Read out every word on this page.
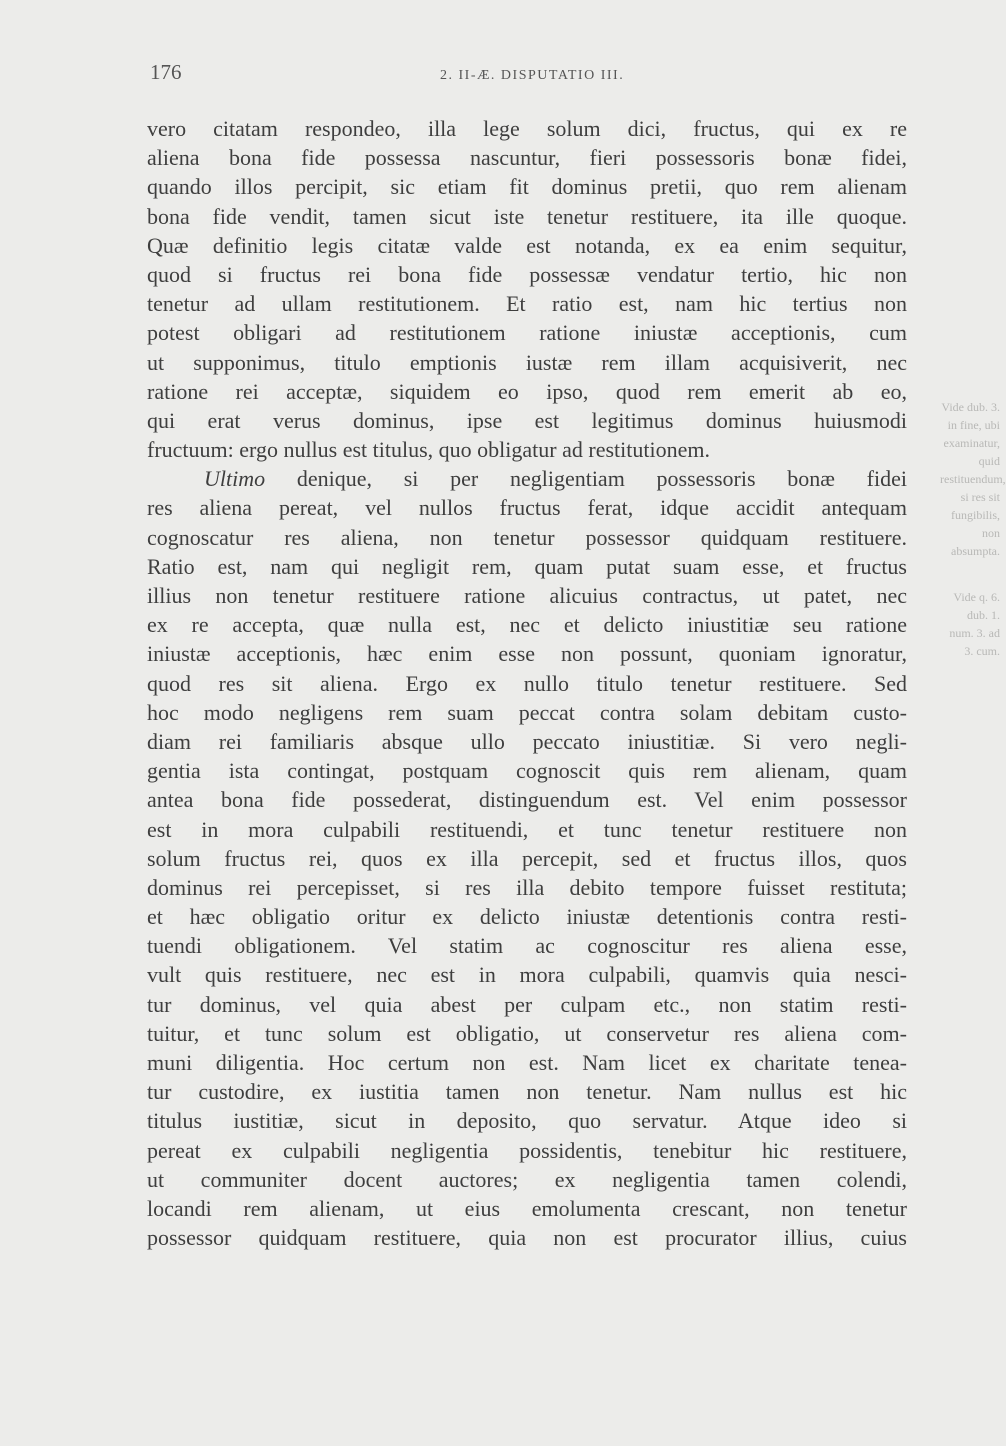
176	2. II-Æ. DISPUTATIO III.
Vide dub. 3. in fine, ubi examinatur, quid restituendum, si res sit fungibilis, non absumpta.
Vide q. 6. dub. 1. num. 3. ad 3. cum.
vero citatam respondeo, illa lege solum dici, fructus, qui ex re
aliena bona fide possessa nascuntur, fieri possessoris bonæ fidei,
quando illos percipit, sic etiam fit dominus pretii, quo rem alienam
bona fide vendit, tamen sicut iste tenetur restituere, ita ille quoque.
Quæ definitio legis citatæ valde est notanda, ex ea enim sequitur,
quod si fructus rei bona fide possessæ vendatur tertio, hic non
tenetur ad ullam restitutionem. Et ratio est, nam hic tertius non
potest obligari ad restitutionem ratione iniustæ acceptionis, cum
ut supponimus, titulo emptionis iustæ rem illam acquisiverit, nec
ratione rei acceptæ, siquidem eo ipso, quod rem emerit ab eo,
qui erat verus dominus, ipse est legitimus dominus huiusmodi
fructuum: ergo nullus est titulus, quo obligatur ad restitutionem.
Ultimo denique, si per negligentiam possessoris bonæ fidei
res aliena pereat, vel nullos fructus ferat, idque accidit antequam
cognoscatur res aliena, non tenetur possessor quidquam restituere.
Ratio est, nam qui negligit rem, quam putat suam esse, et fructus
illius non tenetur restituere ratione alicuius contractus, ut patet, nec
ex re accepta, quæ nulla est, nec et delicto iniustitiæ seu ratione
iniustæ acceptionis, hæc enim esse non possunt, quoniam ignoratur,
quod res sit aliena. Ergo ex nullo titulo tenetur restituere. Sed
hoc modo negligens rem suam peccat contra solam debitam custo-
diam rei familiaris absque ullo peccato iniustitiæ. Si vero negli-
gentia ista contingat, postquam cognoscit quis rem alienam, quam
antea bona fide possederat, distinguendum est. Vel enim possessor
est in mora culpabili restituendi, et tunc tenetur restituere non
solum fructus rei, quos ex illa percepit, sed et fructus illos, quos
dominus rei percepisset, si res illa debito tempore fuisset restituta;
et hæc obligatio oritur ex delicto iniustæ detentionis contra resti-
tuendi obligationem. Vel statim ac cognoscitur res aliena esse,
vult quis restituere, nec est in mora culpabili, quamvis quia nesci-
tur dominus, vel quia abest per culpam etc., non statim resti-
tuitur, et tunc solum est obligatio, ut conservetur res aliena com-
muni diligentia. Hoc certum non est. Nam licet ex charitate tenea-
tur custodire, ex iustitia tamen non tenetur. Nam nullus est hic
titulus iustitiæ, sicut in deposito, quo servatur. Atque ideo si
pereat ex culpabili negligentia possidentis, tenebitur hic restituere,
ut communiter docent auctores; ex negligentia tamen colendi,
locandi rem alienam, ut eius emolumenta crescant, non tenetur
possessor quidquam restituere, quia non est procurator illius, cuius
